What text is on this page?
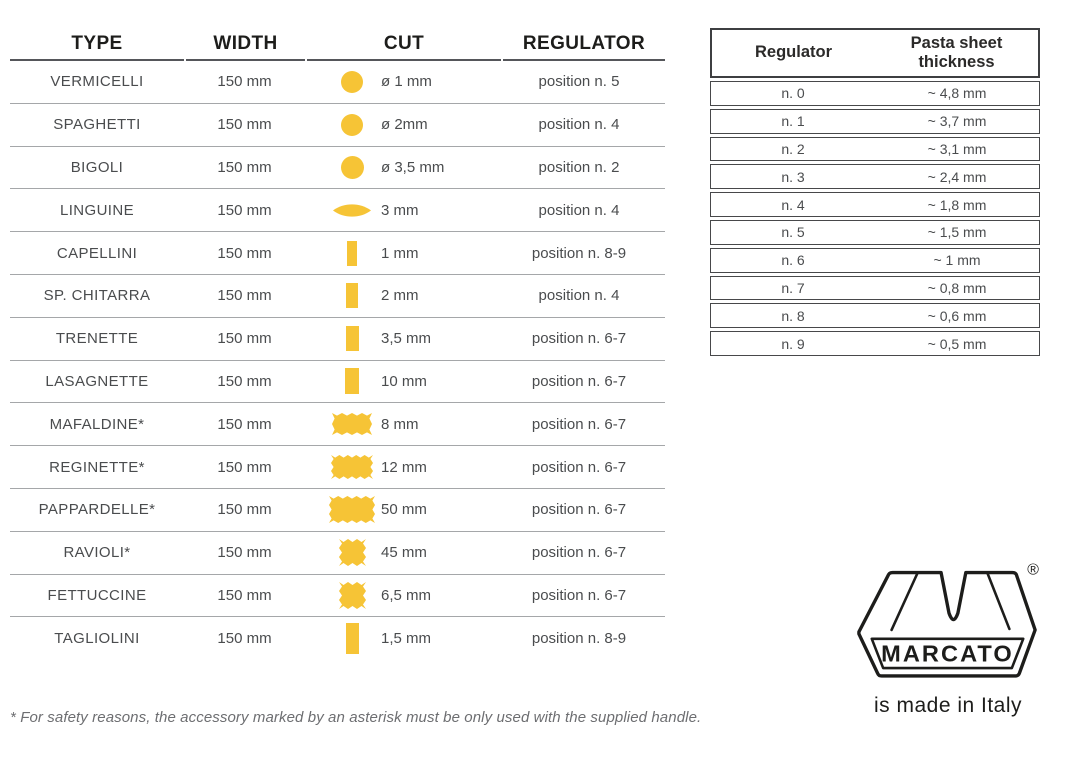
TYPE	WIDTH	CUT	REGULATOR
VERMICELLI	150 mm	ø 1 mm	position n. 5
SPAGHETTI	150 mm	ø 2mm	position n. 4
BIGOLI	150 mm	ø 3,5 mm	position n. 2
LINGUINE	150 mm	3 mm	position n. 4
CAPELLINI	150 mm	1 mm	position n. 8-9
SP. CHITARRA	150 mm	2 mm	position n. 4
TRENETTE	150 mm	3,5 mm	position n. 6-7
LASAGNETTE	150 mm	10 mm	position n. 6-7
MAFALDINE*	150 mm	8 mm	position n. 6-7
REGINETTE*	150 mm	12 mm	position n. 6-7
PAPPARDELLE*	150 mm	50 mm	position n. 6-7
RAVIOLI*	150 mm	45 mm	position n. 6-7
FETTUCCINE	150 mm	6,5 mm	position n. 6-7
TAGLIOLINI	150 mm	1,5 mm	position n. 8-9
Regulator
Pasta sheet thickness
n. 0	~ 4,8 mm
n. 1	~ 3,7 mm
n. 2	~ 3,1 mm
n. 3	~ 2,4 mm
n. 4	~ 1,8 mm
n. 5	~ 1,5 mm
n. 6	~ 1 mm
n. 7	~ 0,8 mm
n. 8	~ 0,6 mm
n. 9	~ 0,5 mm
* For safety reasons, the accessory marked by an asterisk must be only used with the supplied handle.
MARCATO
®
is made in Italy
